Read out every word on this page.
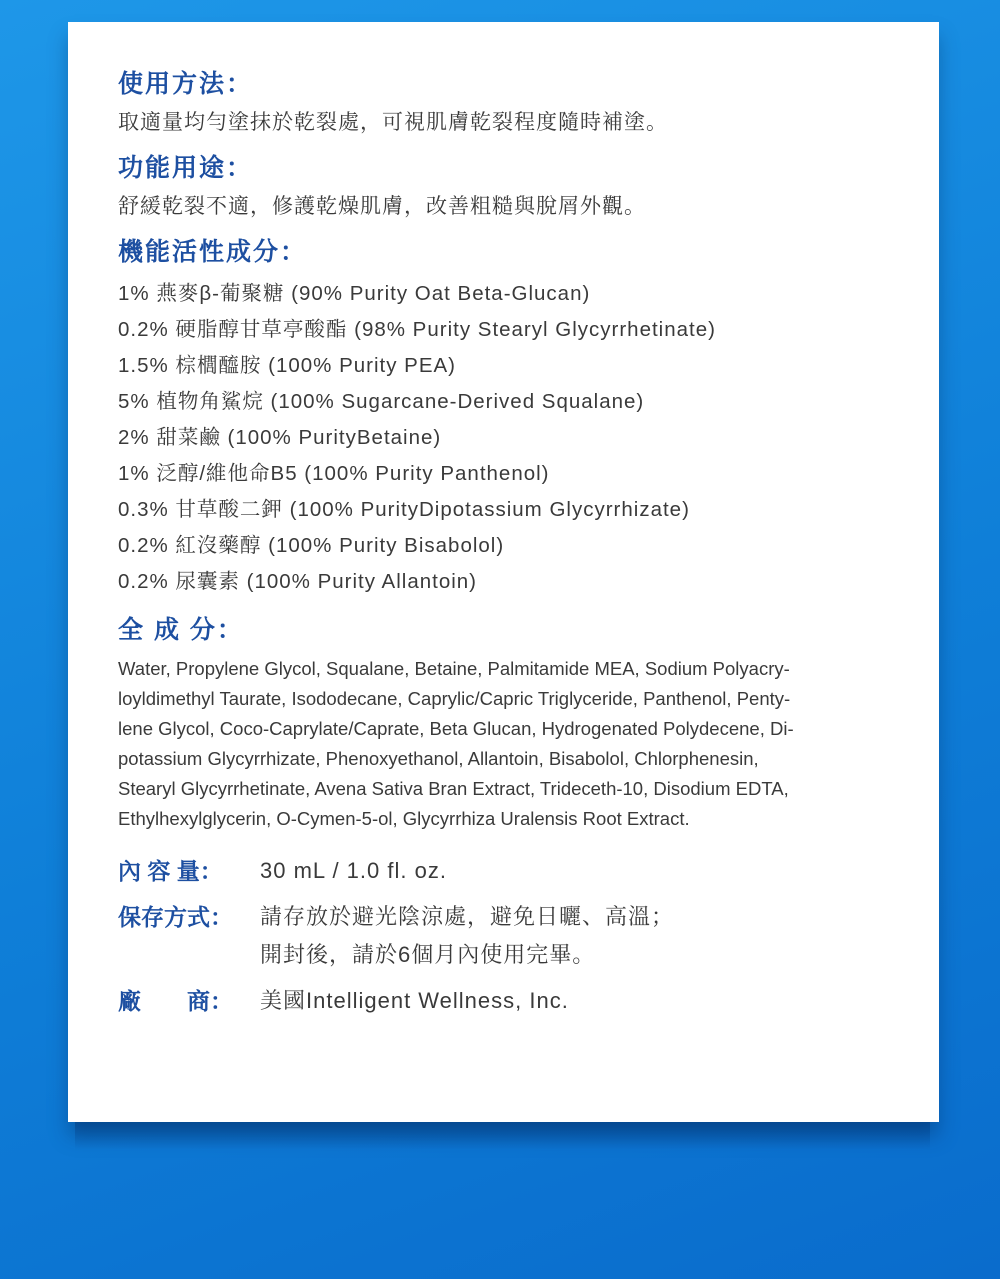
使用方法：

取適量均勻塗抹於乾裂處，可視肌膚乾裂程度隨時補塗。

功能用途：

舒緩乾裂不適，修護乾燥肌膚，改善粗糙與脫屑外觀。

機能活性成分：
1% 燕麥β-葡聚糖 (90% Purity Oat Beta-Glucan)
0.2% 硬脂醇甘草亭酸酯 (98% Purity Stearyl Glycyrrhetinate)
1.5% 棕櫚醯胺 (100% Purity PEA)
5% 植物角鯊烷 (100% Sugarcane-Derived Squalane)
2% 甜菜鹼 (100% PurityBetaine)
1% 泛醇/維他命B5 (100% Purity Panthenol)
0.3% 甘草酸二鉀 (100% PurityDipotassium Glycyrrhizate)
0.2% 紅沒藥醇 (100% Purity Bisabolol)
0.2% 尿囊素 (100% Purity Allantoin)
全 成 分：
Water, Propylene Glycol, Squalane, Betaine, Palmitamide MEA, Sodium Polyacry-
loyldimethyl Taurate, Isododecane, Caprylic/Capric Triglyceride, Panthenol, Penty-
lene Glycol, Coco-Caprylate/Caprate, Beta Glucan, Hydrogenated Polydecene, Di-
potassium Glycyrrhizate, Phenoxyethanol, Allantoin, Bisabolol, Chlorphenesin,
Stearyl Glycyrrhetinate, Avena Sativa Bran Extract, Trideceth-10, Disodium EDTA,
Ethylhexylglycerin, O-Cymen-5-ol, Glycyrrhiza Uralensis Root Extract.
內 容 量：	30 mL / 1.0 fl. oz.
保存方式：	請存放於避光陰涼處，避免日曬、高溫；
開封後，請於6個月內使用完畢。
廠　　商：	美國Intelligent Wellness, Inc.
